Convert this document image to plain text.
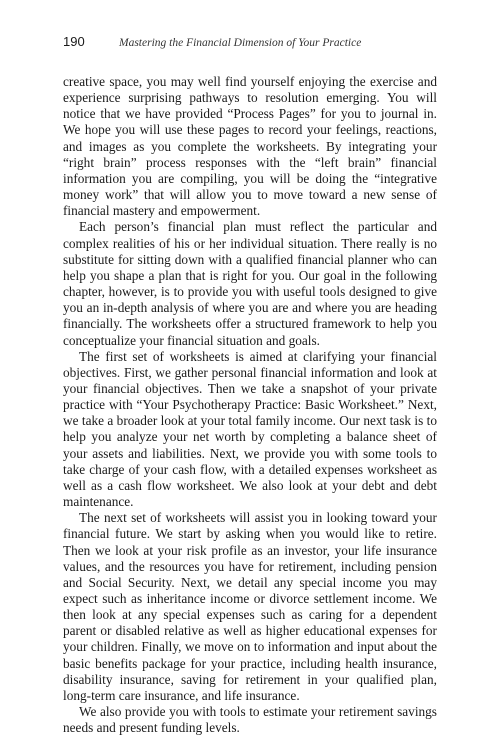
190	Mastering the Financial Dimension of Your Practice

creative space, you may well find yourself enjoying the exercise and experience surprising pathways to resolution emerging. You will notice that we have provided “Process Pages” for you to journal in. We hope you will use these pages to record your feelings, reactions, and images as you complete the worksheets. By integrating your “right brain” process responses with the “left brain” financial information you are compiling, you will be doing the “integrative money work” that will allow you to move toward a new sense of financial mastery and empowerment.

Each person’s financial plan must reflect the particular and complex realities of his or her individual situation. There really is no substitute for sitting down with a qualified financial planner who can help you shape a plan that is right for you. Our goal in the following chapter, however, is to provide you with useful tools designed to give you an in-depth analysis of where you are and where you are heading financially. The worksheets offer a structured framework to help you conceptualize your financial situation and goals.

The first set of worksheets is aimed at clarifying your financial objectives. First, we gather personal financial information and look at your financial objectives. Then we take a snapshot of your private practice with “Your Psychotherapy Practice: Basic Worksheet.” Next, we take a broader look at your total family income. Our next task is to help you analyze your net worth by completing a balance sheet of your assets and liabilities. Next, we provide you with some tools to take charge of your cash flow, with a detailed expenses worksheet as well as a cash flow worksheet. We also look at your debt and debt maintenance.

The next set of worksheets will assist you in looking toward your financial future. We start by asking when you would like to retire. Then we look at your risk profile as an investor, your life insurance values, and the resources you have for retirement, including pension and Social Security. Next, we detail any special income you may expect such as inheritance income or divorce settlement income. We then look at any special expenses such as caring for a dependent parent or disabled relative as well as higher educational expenses for your children. Finally, we move on to information and input about the basic benefits package for your practice, including health insurance, disability insurance, saving for retirement in your qualified plan, long-term care insurance, and life insurance.

We also provide you with tools to estimate your retirement savings needs and present funding levels.
